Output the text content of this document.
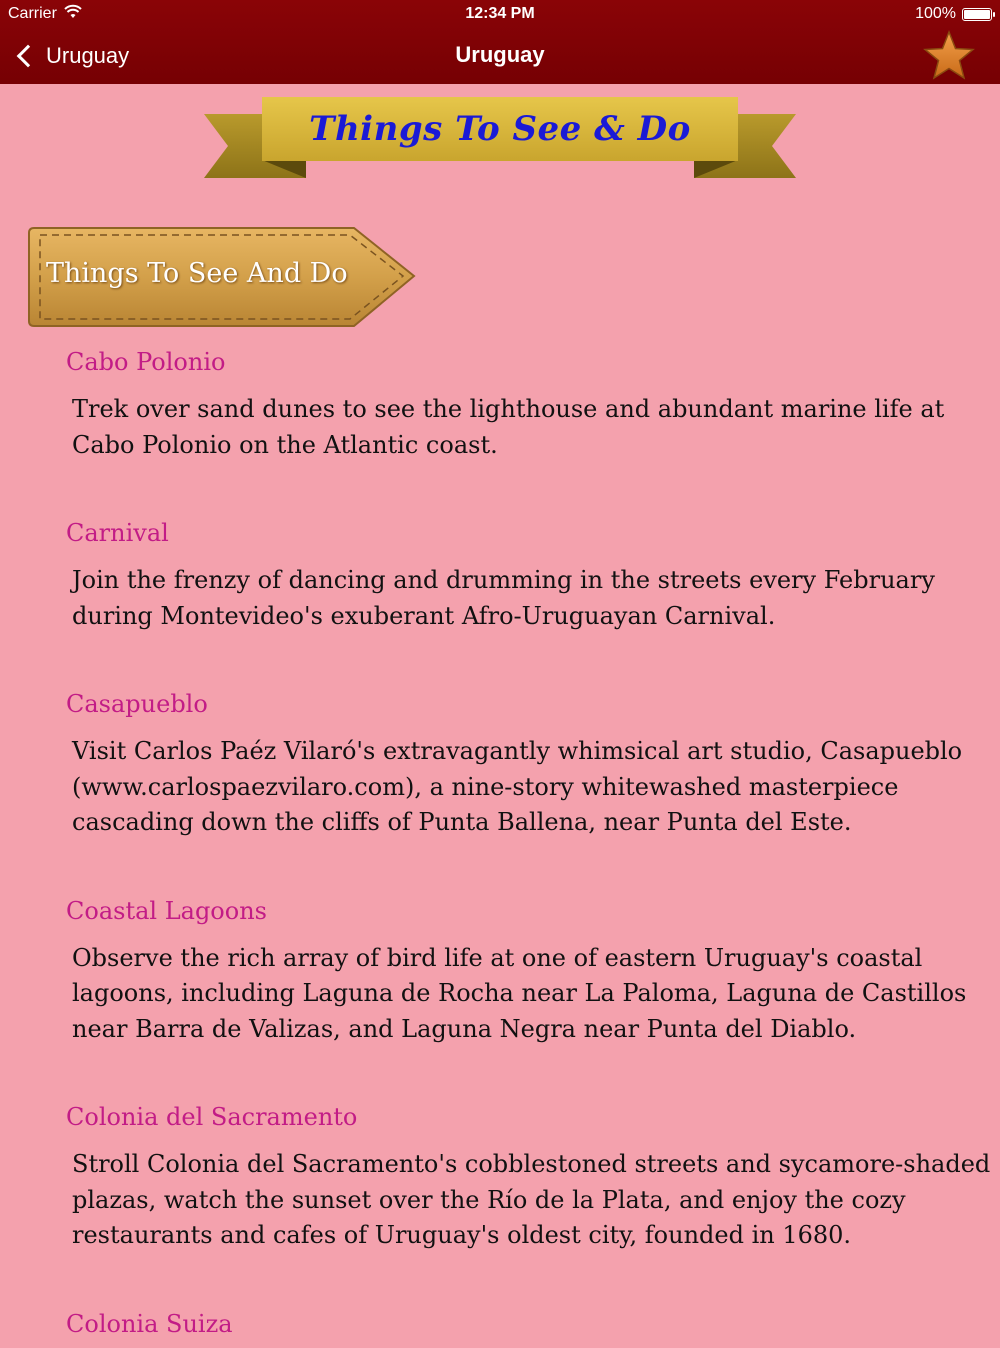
Carrier	12:34 PM	100%
Uruguay	Uruguay
Things To See & Do
Things To See And Do
Cabo Polonio
Trek over sand dunes to see the lighthouse and abundant marine life at Cabo Polonio on the Atlantic coast.
Carnival
Join the frenzy of dancing and drumming in the streets every February during Montevideo's exuberant Afro-Uruguayan Carnival.
Casapueblo
Visit Carlos Paéz Vilaró's extravagantly whimsical art studio, Casapueblo (www.carlospaezvilaro.com), a nine-story whitewashed masterpiece cascading down the cliffs of Punta Ballena, near Punta del Este.
Coastal Lagoons
Observe the rich array of bird life at one of eastern Uruguay's coastal lagoons, including Laguna de Rocha near La Paloma, Laguna de Castillos near Barra de Valizas, and Laguna Negra near Punta del Diablo.
Colonia del Sacramento
Stroll Colonia del Sacramento's cobblestoned streets and sycamore-shaded plazas, watch the sunset over the Río de la Plata, and enjoy the cozy restaurants and cafes of Uruguay's oldest city, founded in 1680.
Colonia Suiza
